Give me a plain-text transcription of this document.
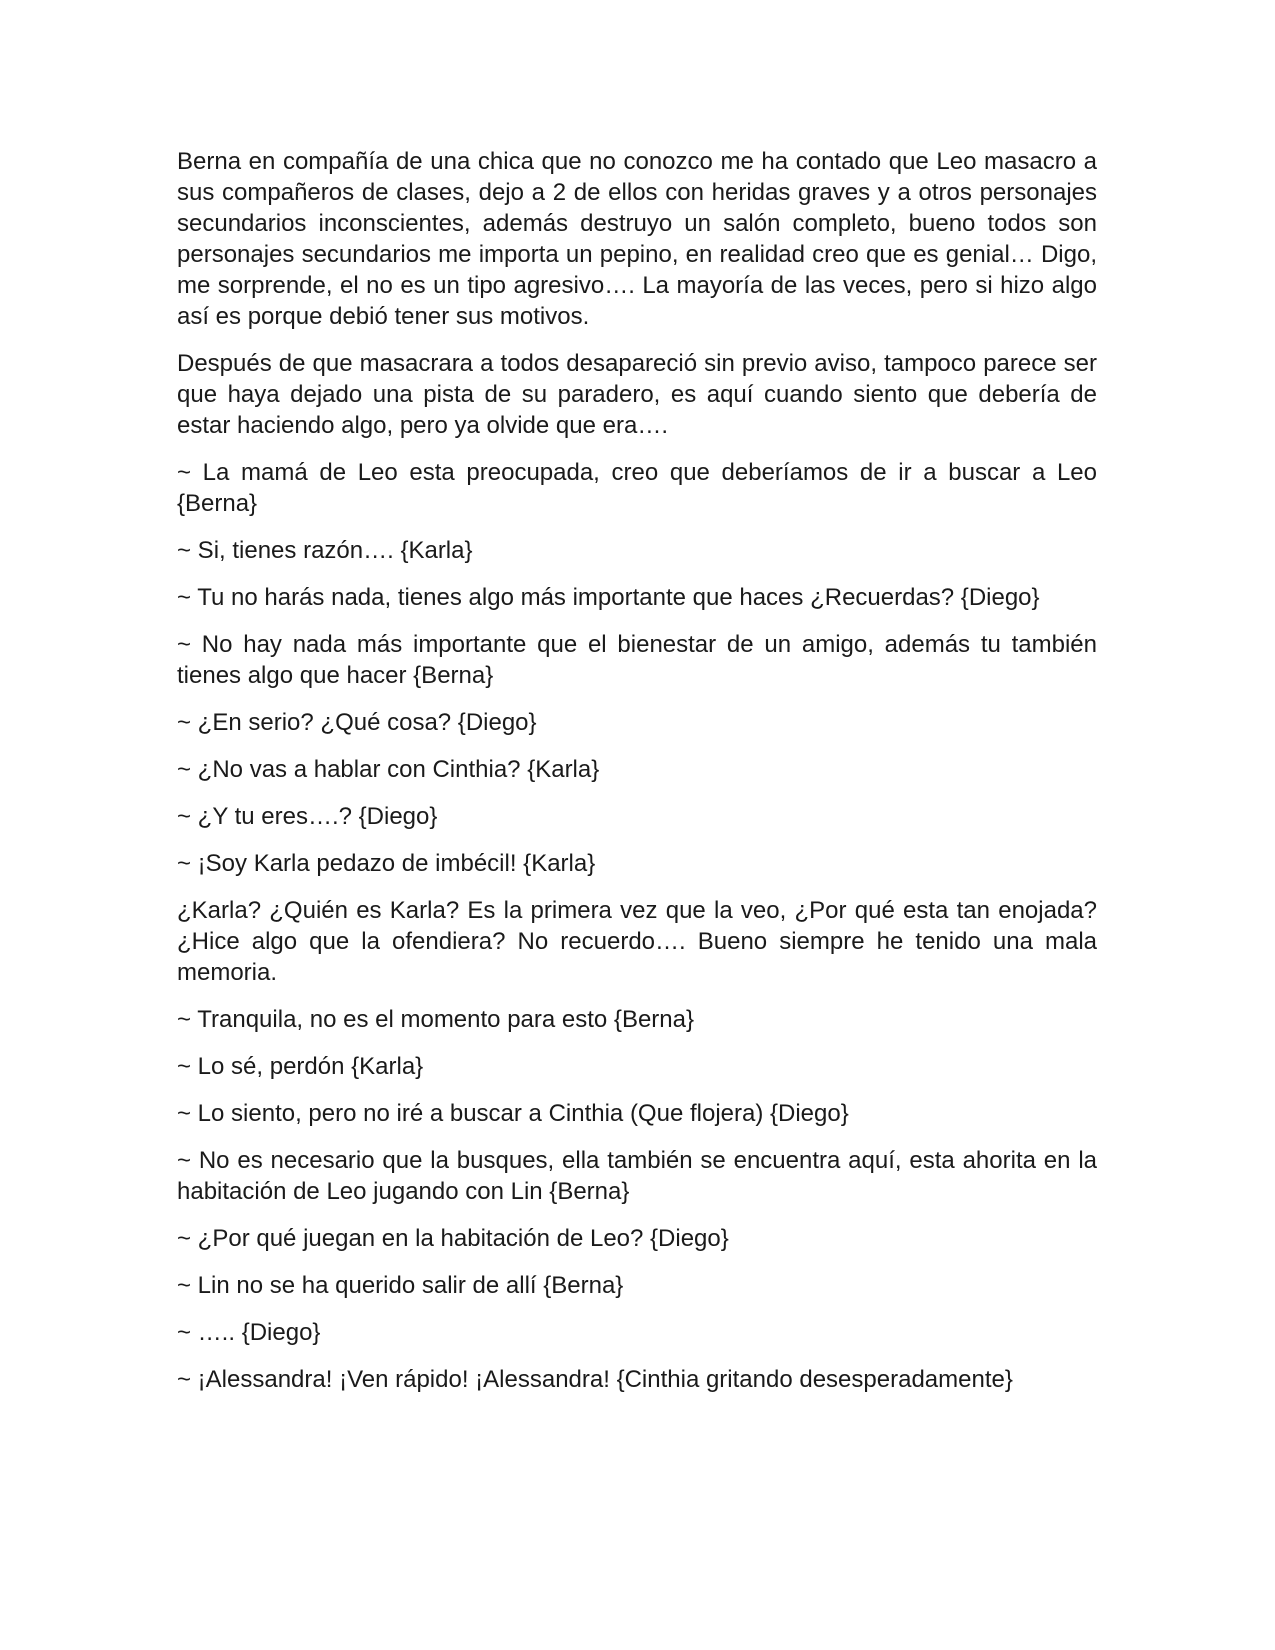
Berna en compañía de una chica que no conozco me ha contado que Leo masacro a sus compañeros de clases, dejo a 2 de ellos con heridas graves y a otros personajes secundarios inconscientes, además destruyo un salón completo, bueno todos son personajes secundarios me importa un pepino, en realidad creo que es genial… Digo, me sorprende, el no es un tipo agresivo…. La mayoría de las veces, pero si hizo algo así es porque debió tener sus motivos.

Después de que masacrara a todos desapareció sin previo aviso, tampoco parece ser que haya dejado una pista de su paradero, es aquí cuando siento que debería de estar haciendo algo, pero ya olvide que era….

~ La mamá de Leo esta preocupada, creo que deberíamos de ir a buscar a Leo {Berna}

~ Si, tienes razón…. {Karla}

~ Tu no harás nada, tienes algo más importante que haces ¿Recuerdas? {Diego}

~ No hay nada más importante que el bienestar de un amigo, además tu también tienes algo que hacer {Berna}

~ ¿En serio? ¿Qué cosa? {Diego}

~ ¿No vas a hablar con Cinthia? {Karla}

~ ¿Y tu eres….? {Diego}

~ ¡Soy Karla pedazo de imbécil! {Karla}

¿Karla? ¿Quién es Karla? Es la primera vez que la veo, ¿Por qué esta tan enojada? ¿Hice algo que la ofendiera? No recuerdo…. Bueno siempre he tenido una mala memoria.

~ Tranquila, no es el momento para esto {Berna}

~ Lo sé, perdón {Karla}

~ Lo siento, pero no iré a buscar a Cinthia (Que flojera) {Diego}

~ No es necesario que la busques, ella también se encuentra aquí, esta ahorita en la habitación de Leo jugando con Lin {Berna}

~ ¿Por qué juegan en la habitación de Leo? {Diego}

~ Lin no se ha querido salir de allí {Berna}

~ ….. {Diego}

~ ¡Alessandra! ¡Ven rápido! ¡Alessandra! {Cinthia gritando desesperadamente}
